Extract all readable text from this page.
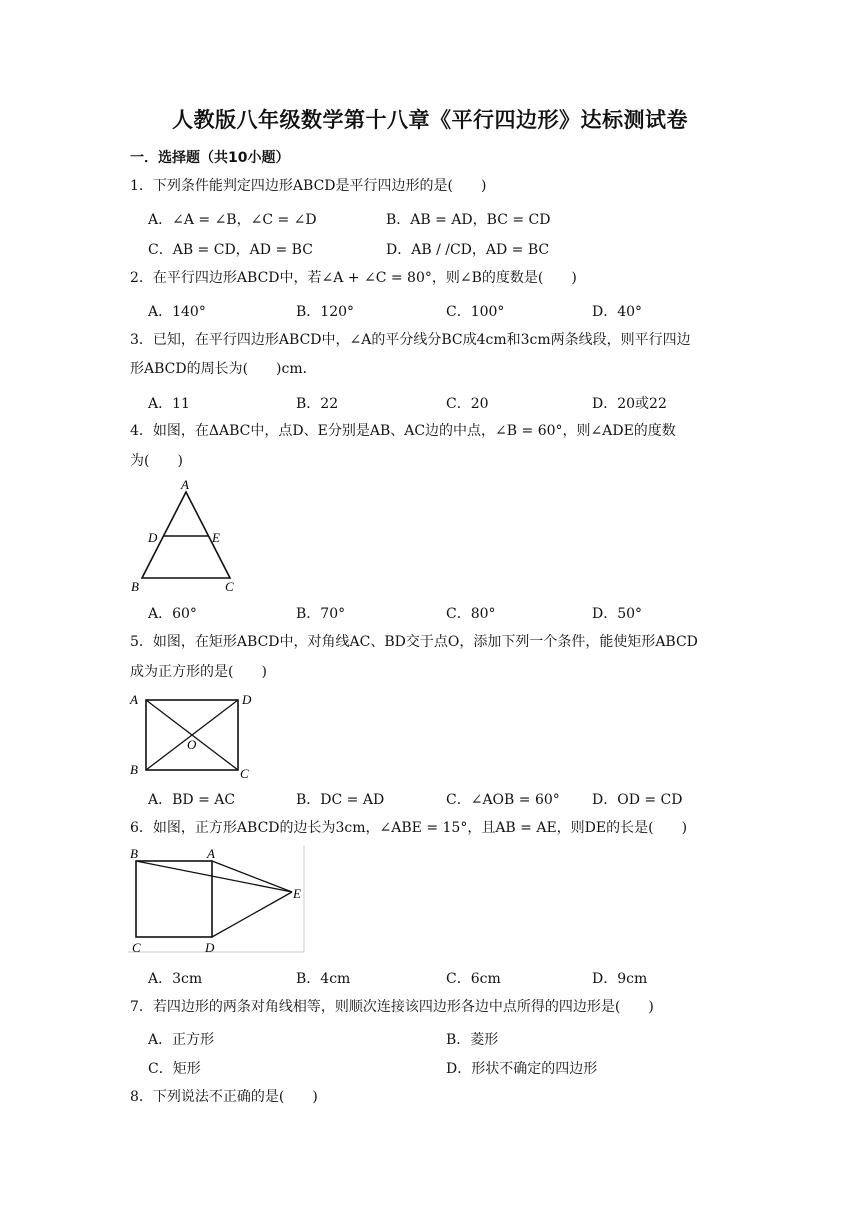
人教版八年级数学第十八章《平行四边形》达标测试卷
一．选择题（共10小题）
1．下列条件能判定四边形ABCD是平行四边形的是(　　)
A．∠A = ∠B，∠C = ∠D	B．AB = AD，BC = CD
C．AB = CD，AD = BC	D．AB / /CD，AD = BC
2．在平行四边形ABCD中，若∠A + ∠C = 80°，则∠B的度数是(　　)
A．140°	B．120°	C．100°	D．40°
3．已知，在平行四边形ABCD中，∠A的平分线分BC成4cm和3cm两条线段，则平行四边
形ABCD的周长为(　　)cm．
A．11	B．22	C．20	D．20或22
4．如图，在ΔABC中，点D、E分别是AB、AC边的中点，∠B = 60°，则∠ADE的度数
为(　　)
A
D	E
B	C
A．60°	B．70°	C．80°	D．50°
5．如图，在矩形ABCD中，对角线AC、BD交于点O，添加下列一个条件，能使矩形ABCD
成为正方形的是(　　)
A	D
O
B	C
A．BD = AC	B．DC = AD	C．∠AOB = 60° D．OD = CD
6．如图，正方形ABCD的边长为3cm，∠ABE = 15°，且AB = AE，则DE的长是(　　)
B	A
E
C	D
A．3cm	B．4cm	C．6cm	D．9cm
7．若四边形的两条对角线相等，则顺次连接该四边形各边中点所得的四边形是(　　)
A．正方形	B．菱形
C．矩形	D．形状不确定的四边形
8．下列说法不正确的是(　　)
